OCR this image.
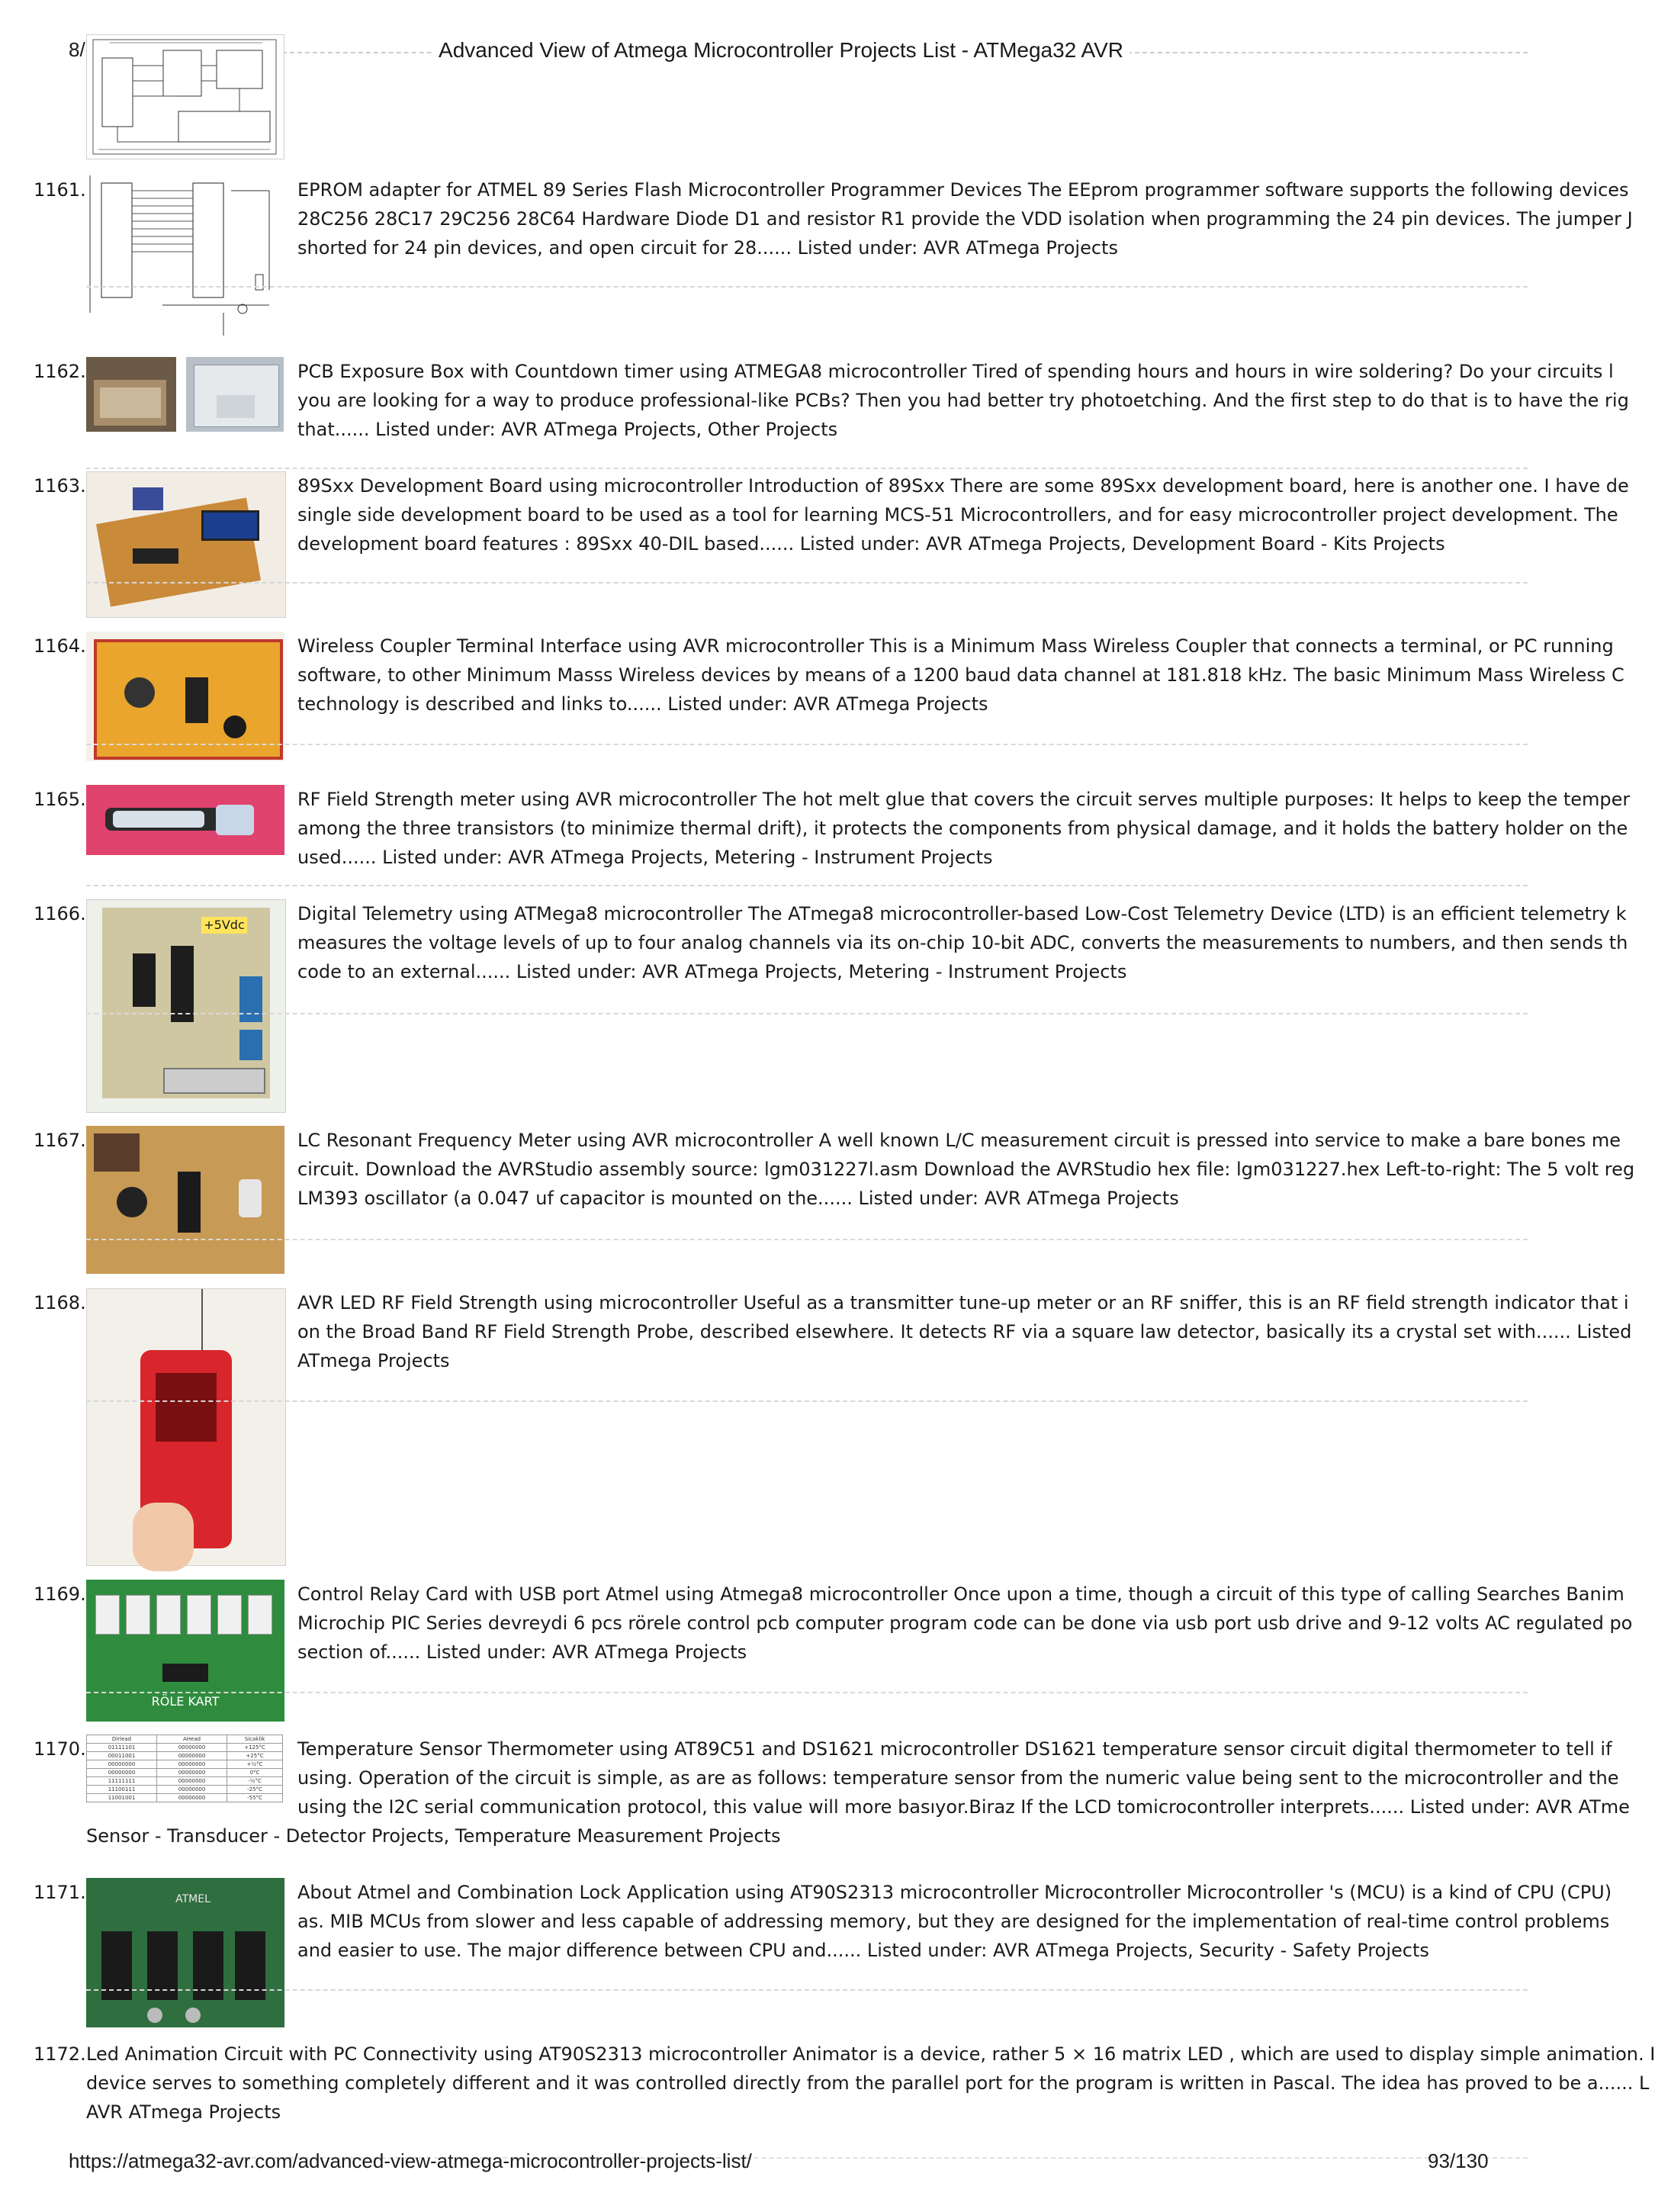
8/	Advanced View of Atmega Microcontroller Projects List - ATMega32 AVR
1161.	EPROM adapter for ATMEL 89 Series Flash Microcontroller Programmer Devices The EEprom programmer software supports the following devices
28C256 28C17 29C256 28C64 Hardware Diode D1 and resistor R1 provide the VDD isolation when programming the 24 pin devices. The jumper J
shorted for 24 pin devices, and open circuit for 28...... Listed under: AVR ATmega Projects
1162.	PCB Exposure Box with Countdown timer using ATMEGA8 microcontroller Tired of spending hours and hours in wire soldering? Do your circuits l
you are looking for a way to produce professional-like PCBs? Then you had better try photoetching. And the first step to do that is to have the rig
that...... Listed under: AVR ATmega Projects, Other Projects
1163.	89Sxx Development Board using microcontroller Introduction of 89Sxx There are some 89Sxx development board, here is another one. I have de
single side development board to be used as a tool for learning MCS-51 Microcontrollers, and for easy microcontroller project development. The
development board features : 89Sxx 40-DIL based...... Listed under: AVR ATmega Projects, Development Board - Kits Projects
1164.	Wireless Coupler Terminal Interface using AVR microcontroller This is a Minimum Mass Wireless Coupler that connects a terminal, or PC running
software, to other Minimum Masss Wireless devices by means of a 1200 baud data channel at 181.818 kHz. The basic Minimum Mass Wireless C
technology is described and links to...... Listed under: AVR ATmega Projects
1165.	RF Field Strength meter using AVR microcontroller The hot melt glue that covers the circuit serves multiple purposes: It helps to keep the temper
among the three transistors (to minimize thermal drift), it protects the components from physical damage, and it holds the battery holder on the
used...... Listed under: AVR ATmega Projects, Metering - Instrument Projects
1166.
+5Vdc
Digital Telemetry using ATMega8 microcontroller The ATmega8 microcontroller-based Low-Cost Telemetry Device (LTD) is an efficient telemetry k
measures the voltage levels of up to four analog channels via its on-chip 10-bit ADC, converts the measurements to numbers, and then sends th
code to an external...... Listed under: AVR ATmega Projects, Metering - Instrument Projects
1167.	LC Resonant Frequency Meter using AVR microcontroller A well known L/C measurement circuit is pressed into service to make a bare bones me
circuit. Download the AVRStudio assembly source: lgm031227l.asm Download the AVRStudio hex file: lgm031227.hex Left-to-right: The 5 volt reg
LM393 oscillator (a 0.047 uf capacitor is mounted on the...... Listed under: AVR ATmega Projects
1168.	AVR LED RF Field Strength using microcontroller Useful as a transmitter tune-up meter or an RF sniffer, this is an RF field strength indicator that i
on the Broad Band RF Field Strength Probe, described elsewhere. It detects RF via a square law detector, basically its a crystal set with...... Listed
ATmega Projects
1169.
RÖLE KART
Control Relay Card with USB port Atmel using Atmega8 microcontroller Once upon a time, though a circuit of this type of calling Searches Banim
Microchip PIC Series devreydi 6 pcs rörele control pcb computer program code can be done via usb port usb drive and 9-12 volts AC regulated po
section of...... Listed under: AVR ATmega Projects
1170.	Dirlead	AHead	Sicaklik
01111101	00000000	+125°C
00011001	00000000	+25°C
00000000	00000000	+½°C
00000000	00000000	0°C
11111111	00000000	-½°C
11100111	00000000	-25°C
11001001	00000000	-55°C
Temperature Sensor Thermometer using AT89C51 and DS1621 microcontroller DS1621 temperature sensor circuit digital thermometer to tell if
using. Operation of the circuit is simple, as are as follows: temperature sensor from the numeric value being sent to the microcontroller and the
using the I2C serial communication protocol, this value will more basıyor.Biraz If the LCD tomicrocontroller interprets...... Listed under: AVR ATme
Sensor - Transducer - Detector Projects, Temperature Measurement Projects
1171.	ATMEL	About Atmel and Combination Lock Application using AT90S2313 microcontroller Microcontroller Microcontroller 's (MCU) is a kind of CPU (CPU)
as. MIB MCUs from slower and less capable of addressing memory, but they are designed for the implementation of real-time control problems
and easier to use. The major difference between CPU and...... Listed under: AVR ATmega Projects, Security - Safety Projects
1172. Led Animation Circuit with PC Connectivity using AT90S2313 microcontroller Animator is a device, rather 5 × 16 matrix LED , which are used to display simple animation. I
device serves to something completely different and it was controlled directly from the parallel port for the program is written in Pascal. The idea has proved to be a...... L
AVR ATmega Projects
https://atmega32-avr.com/advanced-view-atmega-microcontroller-projects-list/	93/130
